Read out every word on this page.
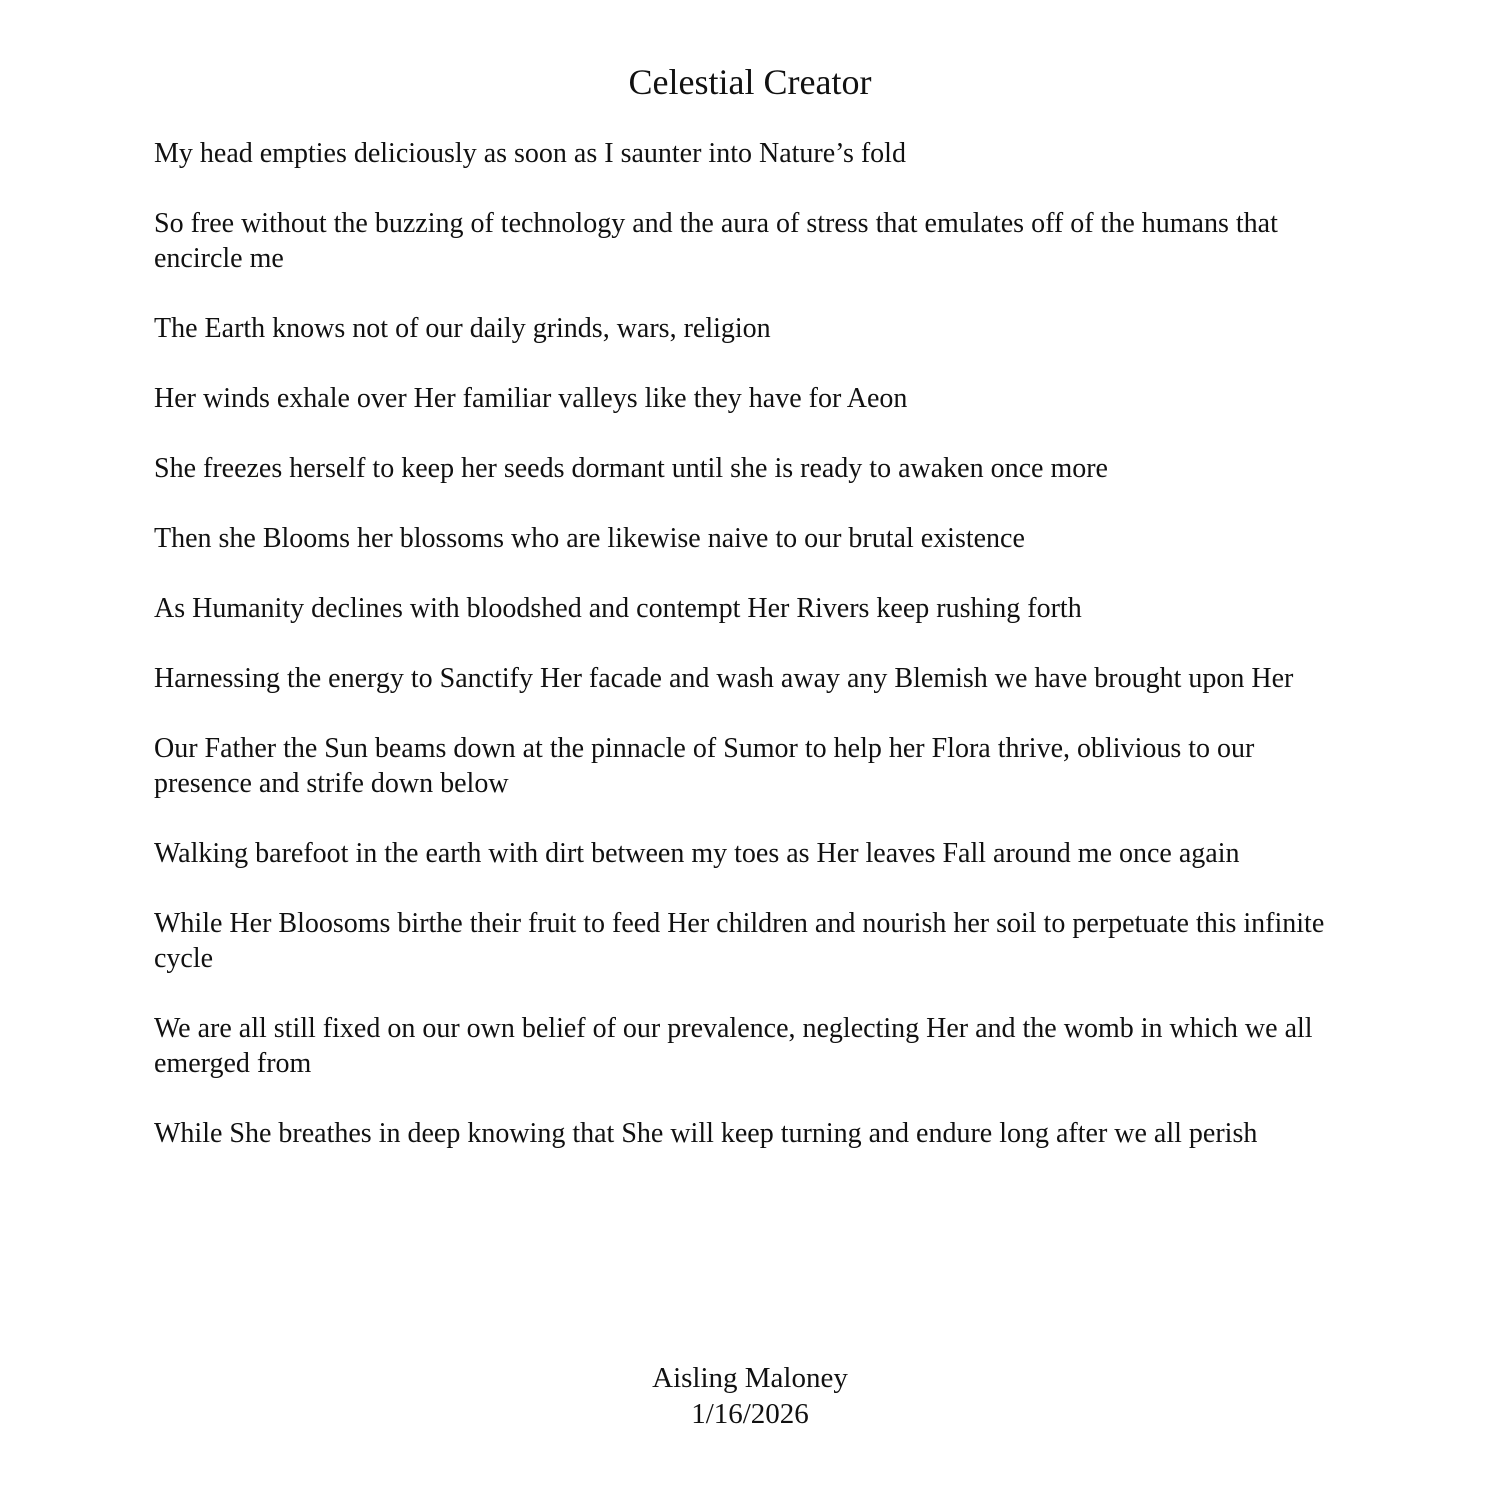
Celestial Creator

My head empties deliciously as soon as I saunter into Nature’s fold

So free without the buzzing of technology and the aura of stress that emulates off of the humans that encircle me

The Earth knows not of our daily grinds, wars, religion

Her winds exhale over Her familiar valleys like they have for Aeon

She freezes herself to keep her seeds dormant until she is ready to awaken once more

Then she Blooms her blossoms who are likewise naive to our brutal existence

As Humanity declines with bloodshed and contempt Her Rivers keep rushing forth

Harnessing the energy to Sanctify Her facade and wash away any Blemish we have brought upon Her

Our Father the Sun beams down at the pinnacle of Sumor to help her Flora thrive, oblivious to our presence and strife down below

Walking barefoot in the earth with dirt between my toes as Her leaves Fall around me once again

While Her Bloosoms birthe their fruit to feed Her children and nourish her soil to perpetuate this infinite cycle

We are all still fixed on our own belief of our prevalence, neglecting Her and the womb in which we all emerged from

While She breathes in deep knowing that She will keep turning and endure long after we all perish

Aisling Maloney
1/16/2026
